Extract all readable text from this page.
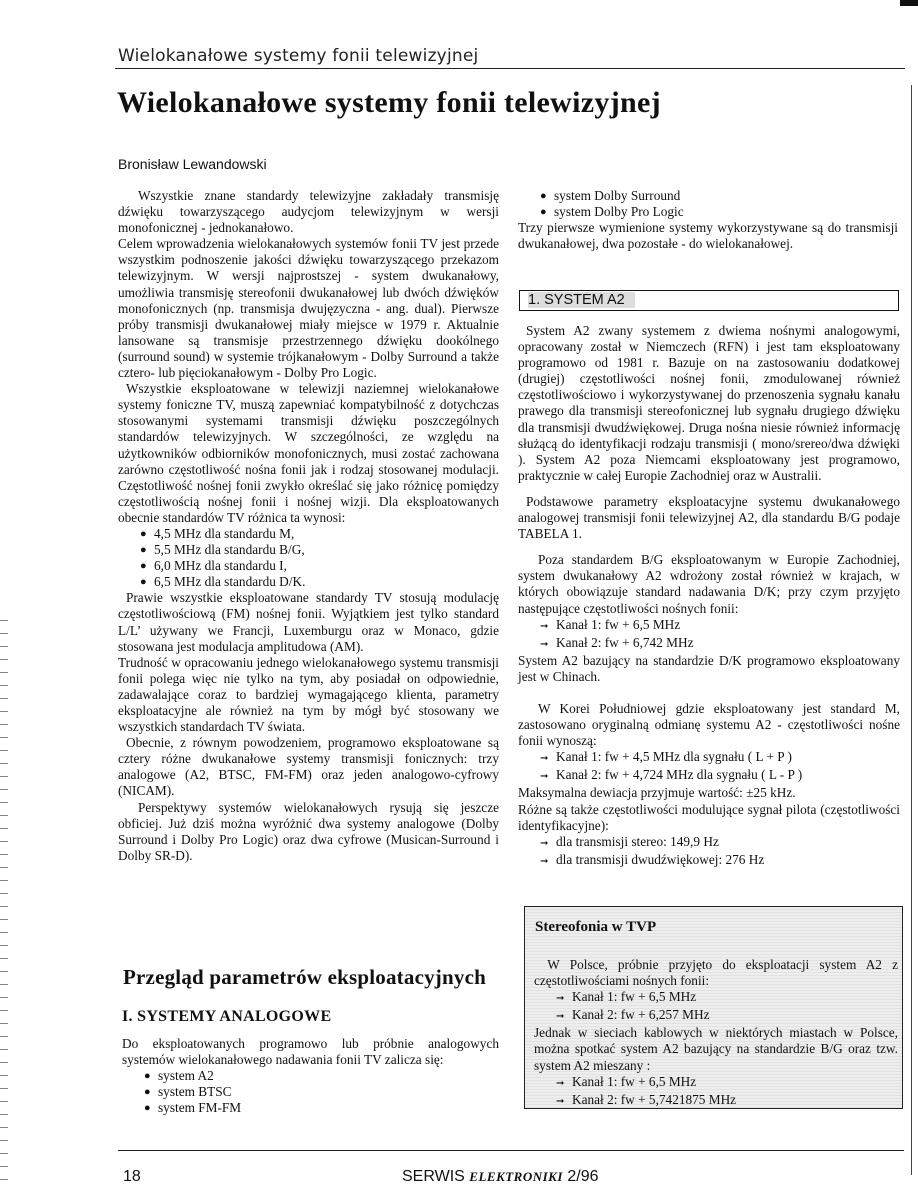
Wielokanałowe systemy fonii telewizyjnej
Wielokanałowe systemy fonii telewizyjnej
Bronisław Lewandowski

Wszystkie znane standardy telewizyjne zakładały transmisję dźwięku towarzyszącego audycjom telewizyjnym w wersji monofonicznej - jednokanałowo.

Celem wprowadzenia wielokanałowych systemów fonii TV jest przede wszystkim podnoszenie jakości dźwięku towarzyszącego przekazom telewizyjnym. W wersji najprostszej - system dwukanałowy, umożliwia transmisję stereofonii dwukanałowej lub dwóch dźwięków monofonicznych (np. transmisja dwujęzyczna - ang. dual). Pierwsze próby transmisji dwukanałowej miały miejsce w 1979 r. Aktualnie lansowane są transmisje przestrzennego dźwięku dookólnego (surround sound) w systemie trójkanałowym - Dolby Surround a także cztero- lub pięciokanałowym - Dolby Pro Logic.

Wszystkie eksploatowane w telewizji naziemnej wielokanałowe systemy foniczne TV, muszą zapewniać kompatybilność z dotychczas stosowanymi systemami transmisji dźwięku poszczególnych standardów telewizyjnych. W szczególności, ze względu na użytkowników odbiorników monofonicznych, musi zostać zachowana zarówno częstotliwość nośna fonii jak i rodzaj stosowanej modulacji. Częstotliwość nośnej fonii zwykło określać się jako różnicę pomiędzy częstotliwością nośnej fonii i nośnej wizji. Dla eksploatowanych obecnie standardów TV różnica ta wynosi:

● 4,5 MHz dla standardu M,
● 5,5 MHz dla standardu B/G,
● 6,0 MHz dla standardu I,
● 6,5 MHz dla standardu D/K.

Prawie wszystkie eksploatowane standardy TV stosują modulację częstotliwościową (FM) nośnej fonii. Wyjątkiem jest tylko standard L/L’ używany we Francji, Luxemburgu oraz w Monaco, gdzie stosowana jest modulacja amplitudowa (AM).

Trudność w opracowaniu jednego wielokanałowego systemu transmisji fonii polega więc nie tylko na tym, aby posiadał on odpowiednie, zadawalające coraz to bardziej wymagającego klienta, parametry eksploatacyjne ale również na tym by mógł być stosowany we wszystkich standardach TV świata.

Obecnie, z równym powodzeniem, programowo eksploatowane są cztery różne dwukanałowe systemy transmisji fonicznych: trzy analogowe (A2, BTSC, FM-FM) oraz jeden analogowo-cyfrowy (NICAM).

Perspektywy systemów wielokanałowych rysują się jeszcze obficiej. Już dziś można wyróżnić dwa systemy analogowe (Dolby Surround i Dolby Pro Logic) oraz dwa cyfrowe (Musican-Surround i Dolby SR-D).

Przegląd parametrów eksploatacyjnych
I. SYSTEMY ANALOGOWE

Do eksploatowanych programowo lub próbnie analogowych systemów wielokanałowego nadawania fonii TV zalicza się:

● system A2
● system BTSC
● system FM-FM
● system Dolby Surround
● system Dolby Pro Logic

Trzy pierwsze wymienione systemy wykorzystywane są do transmisji dwukanałowej, dwa pozostałe - do wielokanałowej.

1. SYSTEM A2

System A2 zwany systemem z dwiema nośnymi analogowymi, opracowany został w Niemczech (RFN) i jest tam eksploatowany programowo od 1981 r. Bazuje on na zastosowaniu dodatkowej (drugiej) częstotliwości nośnej fonii, zmodulowanej również częstotliwościowo i wykorzystywanej do przenoszenia sygnału kanału prawego dla transmisji stereofonicznej lub sygnału drugiego dźwięku dla transmisji dwudźwiękowej. Druga nośna niesie również informację służącą do identyfikacji rodzaju transmisji ( mono/srereo/dwa dźwięki ). System A2 poza Niemcami eksploatowany jest programowo, praktycznie w całej Europie Zachodniej oraz w Australii.

Podstawowe parametry eksploatacyjne systemu dwukanałowego analogowej transmisji fonii telewizyjnej A2, dla standardu B/G podaje TABELA 1.

Poza standardem B/G eksploatowanym w Europie Zachodniej, system dwukanałowy A2 wdrożony został również w krajach, w których obowiązuje standard nadawania D/K; przy czym przyjęto następujące częstotliwości nośnych fonii:

➞ Kanał 1: fw + 6,5 MHz
➞ Kanał 2: fw + 6,742 MHz

System A2 bazujący na standardzie D/K programowo eksploatowany jest w Chinach.

W Korei Południowej gdzie eksploatowany jest standard M, zastosowano oryginalną odmianę systemu A2 - częstotliwości nośne fonii wynoszą:

➞ Kanał 1: fw + 4,5 MHz dla sygnału ( L + P )
➞ Kanał 2: fw + 4,724 MHz dla sygnału ( L - P )

Maksymalna dewiacja przyjmuje wartość: ±25 kHz.

Różne są także częstotliwości modulujące sygnał pilota (częstotliwości identyfikacyjne):

➞ dla transmisji stereo: 149,9 Hz
➞ dla transmisji dwudźwiękowej: 276 Hz
Stereofonia w TVP

W Polsce, próbnie przyjęto do eksploatacji system A2 z częstotliwościami nośnych fonii:

➞ Kanał 1: fw + 6,5 MHz
➞ Kanał 2: fw + 6,257 MHz

Jednak w sieciach kablowych w niektórych miastach w Polsce, można spotkać system A2 bazujący na standardzie B/G oraz tzw. system A2 mieszany :

➞ Kanał 1: fw + 6,5 MHz
➞ Kanał 2: fw + 5,7421875 MHz
18	SERWIS ELEKTRONIKI 2/96
